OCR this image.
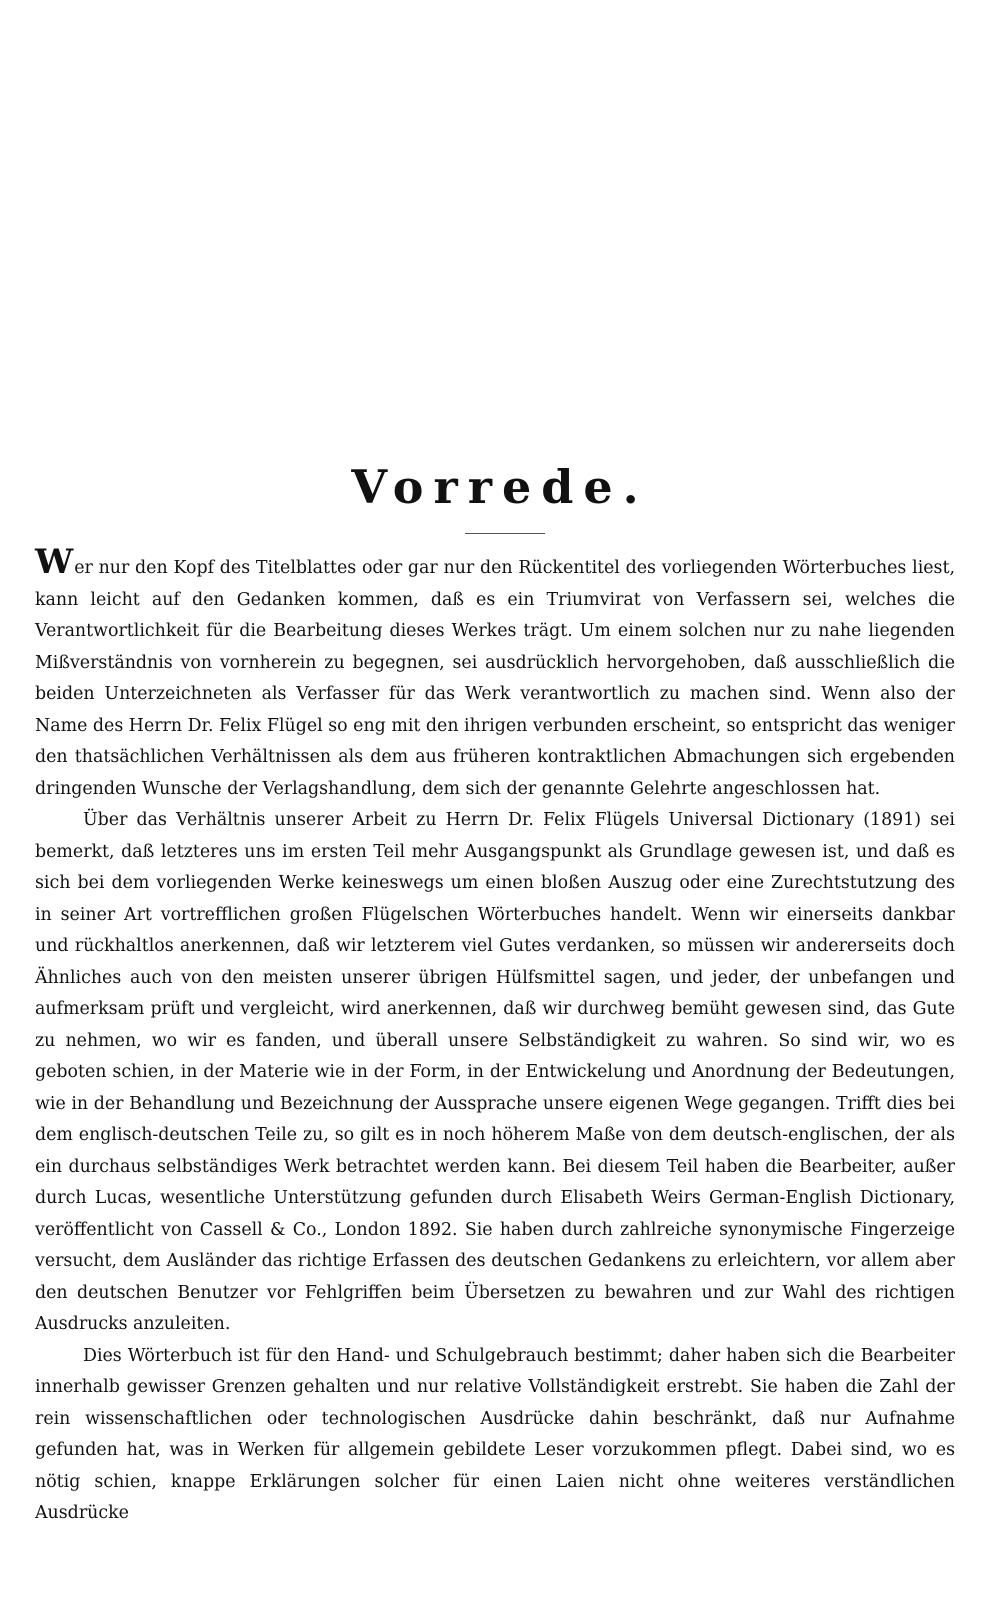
Vorrede.

Wer nur den Kopf des Titelblattes oder gar nur den Rückentitel des vorliegenden Wörterbuches liest, kann leicht auf den Gedanken kommen, daß es ein Triumvirat von Verfassern sei, welches die Verantwortlichkeit für die Bearbeitung dieses Werkes trägt. Um einem solchen nur zu nahe liegenden Mißverständnis von vornherein zu begegnen, sei ausdrücklich hervorgehoben, daß ausschließlich die beiden Unterzeichneten als Verfasser für das Werk verantwortlich zu machen sind. Wenn also der Name des Herrn Dr. Felix Flügel so eng mit den ihrigen verbunden erscheint, so entspricht das weniger den thatsächlichen Verhältnissen als dem aus früheren kontraktlichen Abmachungen sich ergebenden dringenden Wunsche der Verlagshandlung, dem sich der genannte Gelehrte angeschlossen hat.

Über das Verhältnis unserer Arbeit zu Herrn Dr. Felix Flügels Universal Dictionary (1891) sei bemerkt, daß letzteres uns im ersten Teil mehr Ausgangspunkt als Grundlage gewesen ist, und daß es sich bei dem vorliegenden Werke keineswegs um einen bloßen Auszug oder eine Zurechtstutzung des in seiner Art vortrefflichen großen Flügelschen Wörterbuches handelt. Wenn wir einerseits dankbar und rückhaltlos anerkennen, daß wir letzterem viel Gutes verdanken, so müssen wir andererseits doch Ähnliches auch von den meisten unserer übrigen Hülfsmittel sagen, und jeder, der unbefangen und aufmerksam prüft und vergleicht, wird anerkennen, daß wir durchweg bemüht gewesen sind, das Gute zu nehmen, wo wir es fanden, und überall unsere Selbständigkeit zu wahren. So sind wir, wo es geboten schien, in der Materie wie in der Form, in der Entwickelung und Anordnung der Bedeutungen, wie in der Behandlung und Bezeichnung der Aussprache unsere eigenen Wege gegangen. Trifft dies bei dem englisch-deutschen Teile zu, so gilt es in noch höherem Maße von dem deutsch-englischen, der als ein durchaus selbständiges Werk betrachtet werden kann. Bei diesem Teil haben die Bearbeiter, außer durch Lucas, wesentliche Unterstützung gefunden durch Elisabeth Weirs German-English Dictionary, veröffentlicht von Cassell & Co., London 1892. Sie haben durch zahlreiche synonymische Fingerzeige versucht, dem Ausländer das richtige Erfassen des deutschen Gedankens zu erleichtern, vor allem aber den deutschen Benutzer vor Fehlgriffen beim Übersetzen zu bewahren und zur Wahl des richtigen Ausdrucks anzuleiten.

Dies Wörterbuch ist für den Hand- und Schulgebrauch bestimmt; daher haben sich die Bearbeiter innerhalb gewisser Grenzen gehalten und nur relative Vollständigkeit erstrebt. Sie haben die Zahl der rein wissenschaftlichen oder technologischen Ausdrücke dahin beschränkt, daß nur Aufnahme gefunden hat, was in Werken für allgemein gebildete Leser vorzukommen pflegt. Dabei sind, wo es nötig schien, knappe Erklärungen solcher für einen Laien nicht ohne weiteres verständlichen Ausdrücke
